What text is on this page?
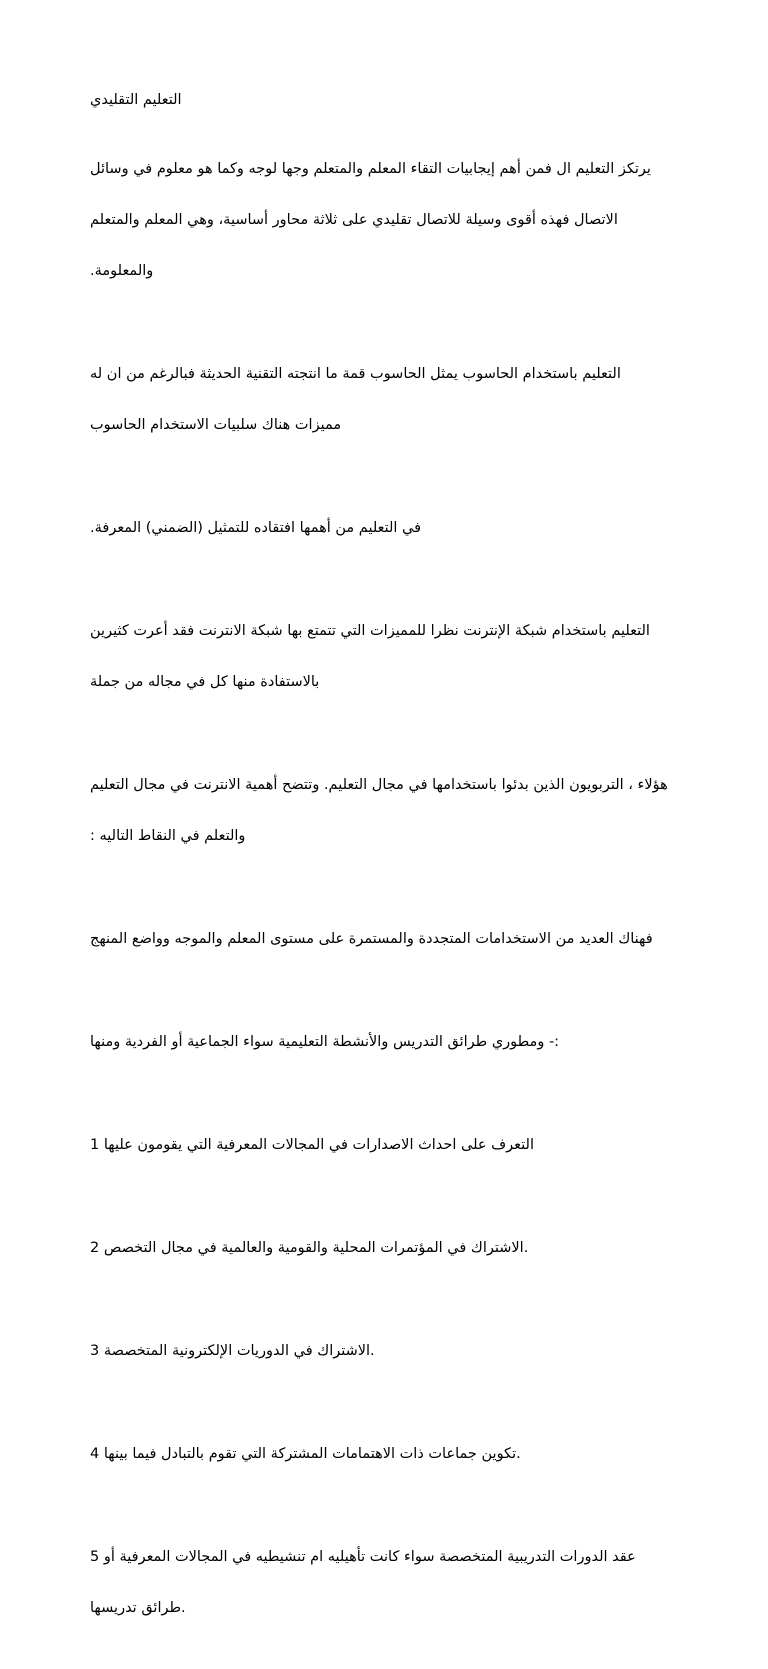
التعليم التقليدي

يرتكز التعليم ال فمن أهم إيجابيات التقاء المعلم والمتعلم وجها لوجه وكما هو معلوم في وسائل

الاتصال فهذه أقوى وسيلة للاتصال تقليدي على ثلاثة محاور أساسية، وهي المعلم والمتعلم

.والمعلومة

التعليم باستخدام الحاسوب يمثل الحاسوب قمة ما انتجته التقنية الحديثة فبالرغم من ان له

مميزات هناك سلبيات الاستخدام الحاسوب

.في التعليم من أهمها افتقاده للتمثيل (الضمني) المعرفة

التعليم باستخدام شبكة الإنترنت نظرا للمميزات التي تتمتع بها شبكة الانترنت فقد أعرت كثيرين

بالاستفادة منها كل في مجاله من جملة

هؤلاء ، التربويون الذين بدئوا باستخدامها في مجال التعليم. وتتضح أهمية الانترنت في مجال التعليم

: والتعلم في النقاط التاليه

فهناك العديد من الاستخدامات المتجددة والمستمرة على مستوى المعلم والموجه وواضع المنهج

ومطوري طرائق التدريس والأنشطة التعليمية سواء الجماعية أو الفردية ومنها -:

1 التعرف على احداث الاصدارات في المجالات المعرفية التي يقومون عليها

2 الاشتراك في المؤتمرات المحلية والقومية والعالمية في مجال التخصص.

3 الاشتراك في الدوريات الإلكترونية المتخصصة.

4 تكوين جماعات ذات الاهتمامات المشتركة التي تقوم بالتبادل فيما بينها.

5 عقد الدورات التدريبية المتخصصة سواء كانت تأهيليه ام تنشيطيه في المجالات المعرفية أو

طرائق تدريسها.
